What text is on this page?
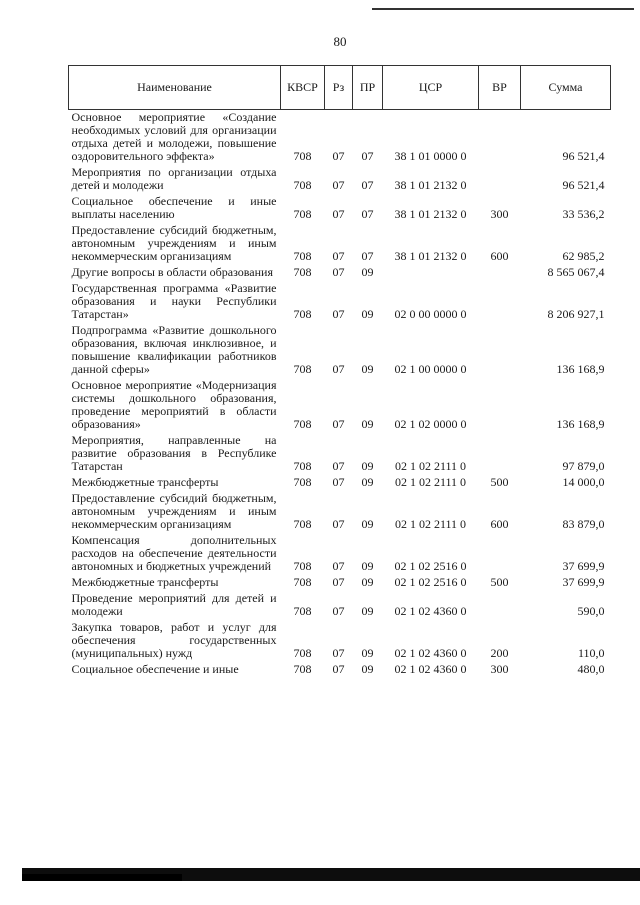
80
Наименование	КВСР	Рз	ПР	ЦСР	ВР	Сумма
Основное мероприятие «Создание необходимых условий для организации отдыха детей и молодежи, повышение оздоровительного эффекта»	708	07	07	38 1 01 0000 0		96 521,4
Мероприятия по организации отдыха детей и молодежи	708	07	07	38 1 01 2132 0		96 521,4
Социальное обеспечение и иные выплаты населению	708	07	07	38 1 01 2132 0	300	33 536,2
Предоставление субсидий бюджетным, автономным учреждениям и иным некоммерческим организациям	708	07	07	38 1 01 2132 0	600	62 985,2
Другие вопросы в области образования	708	07	09			8 565 067,4
Государственная программа «Развитие образования и науки Республики Татарстан»	708	07	09	02 0 00 0000 0		8 206 927,1
Подпрограмма «Развитие дошкольного образования, включая инклюзивное, и повышение квалификации работников данной сферы»	708	07	09	02 1 00 0000 0		136 168,9
Основное мероприятие «Модернизация системы дошкольного образования, проведение мероприятий в области образования»	708	07	09	02 1 02 0000 0		136 168,9
Мероприятия, направленные на развитие образования в Республике Татарстан	708	07	09	02 1 02 2111 0		97 879,0
Межбюджетные трансферты	708	07	09	02 1 02 2111 0	500	14 000,0
Предоставление субсидий бюджетным, автономным учреждениям и иным некоммерческим организациям	708	07	09	02 1 02 2111 0	600	83 879,0
Компенсация дополнительных расходов на обеспечение деятельности автономных и бюджетных учреждений	708	07	09	02 1 02 2516 0		37 699,9
Межбюджетные трансферты	708	07	09	02 1 02 2516 0	500	37 699,9
Проведение мероприятий для детей и молодежи	708	07	09	02 1 02 4360 0		590,0
Закупка товаров, работ и услуг для обеспечения государственных (муниципальных) нужд	708	07	09	02 1 02 4360 0	200	110,0
Социальное обеспечение и иные	708	07	09	02 1 02 4360 0	300	480,0
